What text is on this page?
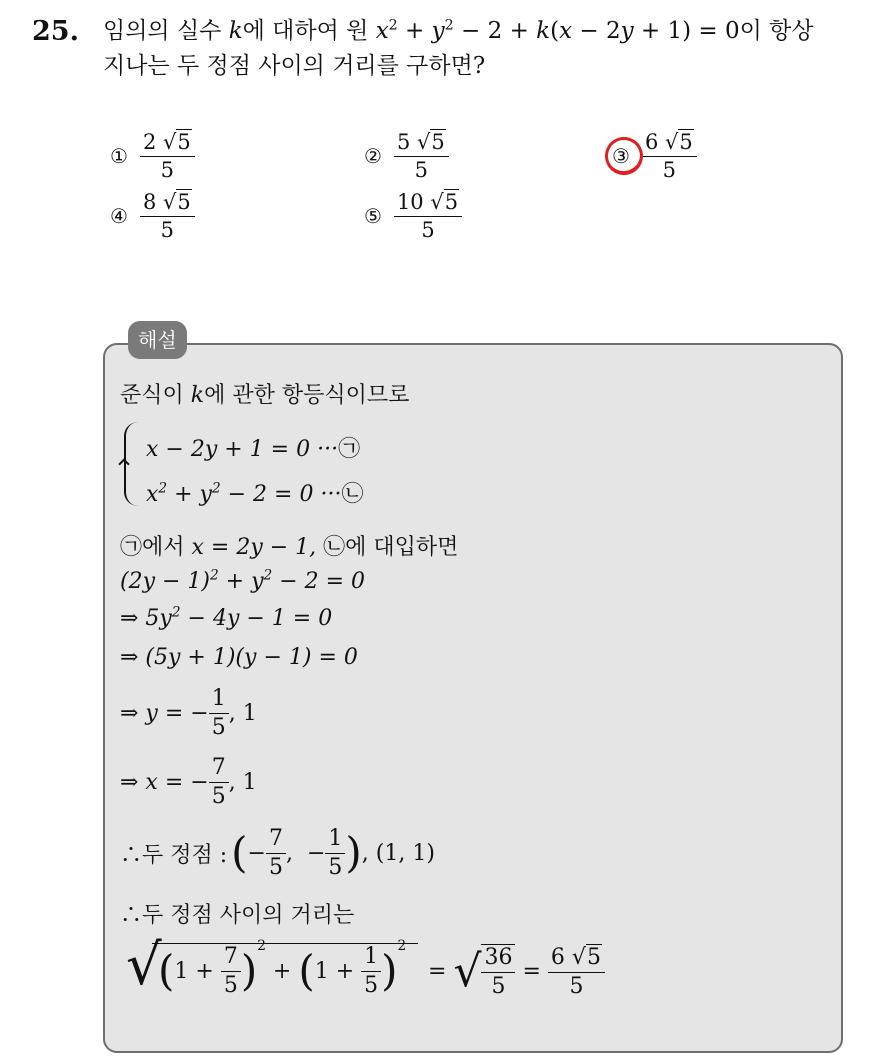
25. 임의의 실수 k에 대하여 원 $x^2 + y^2 - 2 + k(x - 2y + 1) = 0$이 항상
지나는 두 정점 사이의 거리를 구하면?
① $\frac{2 √5}{5}$	② $\frac{5 √5}{5}$	③ $\frac{6 √5}{5}$
④ $\frac{8 √5}{5}$	⑤ $\frac{10 √5}{5}$
해설
준식이 k에 관한 항등식이므로
x − 2y + 1 = 0 ···㉠
$x^2 + y^2 - 2 = 0$ ···㉡
㉠에서 x = 2y − 1, ㉡에 대입하면
$(2y - 1)^2 + y^2 - 2 = 0$
⇒ $5y^2 - 4y - 1 = 0$
⇒ (5y + 1)(y − 1) = 0
⇒ y = − $\frac{1}{5}$ , 1
⇒ x = − $\frac{7}{5}$ , 1
∴두 정점 : ( − $\frac{7}{5}$ ,  − $\frac{1}{5}$ ) , (1, 1)
∴두 정점 사이의 거리는
√
( 1 +
$\frac{7}{5}$ ) 2

+
( 1 +
$\frac{1}{5}$ ) 2
=
√ $\frac{36}{5}$
=
$\frac{6 √5}{5}$
